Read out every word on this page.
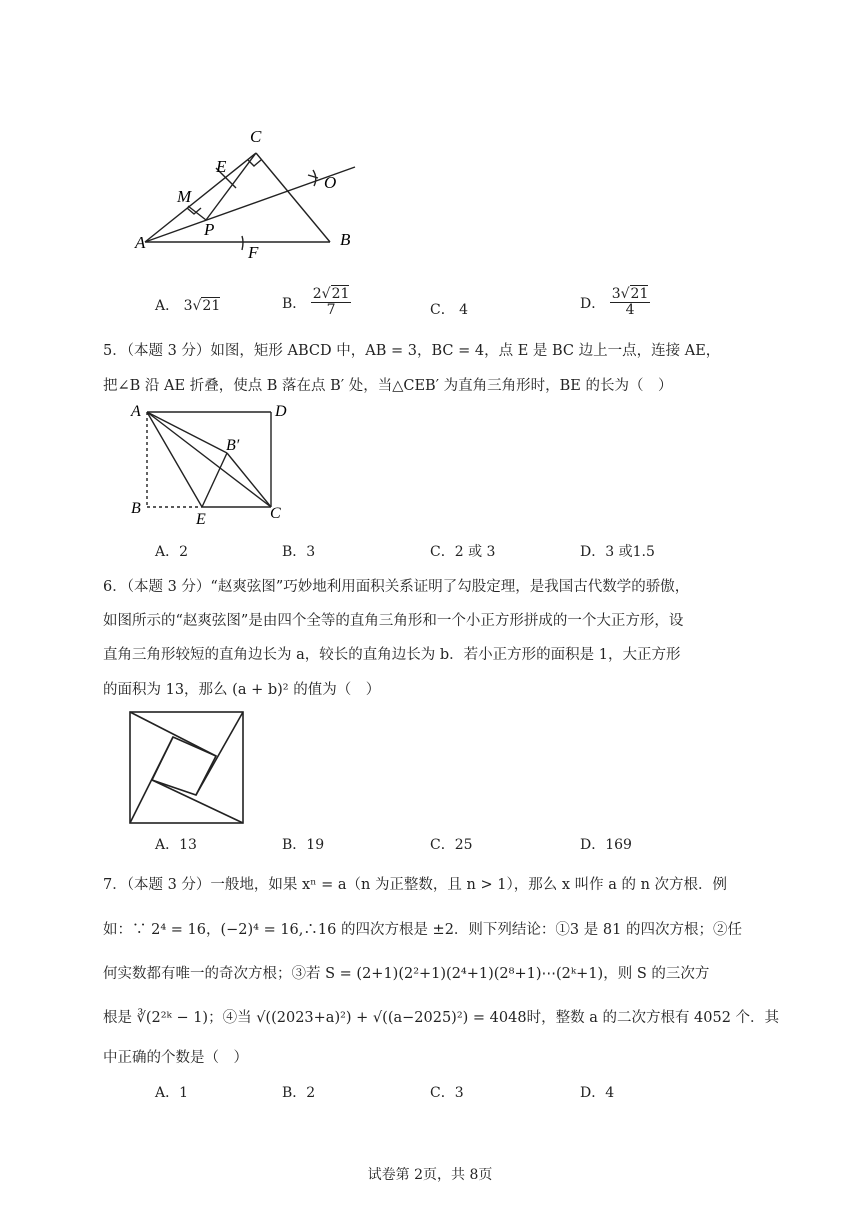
C
E
M
P
A
F
B
O
A． 3√21	B． $\frac{2√21}{7}$	C． 4	D． $\frac{3√21}{4}$
5．（本题 3 分）如图，矩形 ABCD 中，AB = 3，BC = 4，点 E 是 BC 边上一点，连接 AE，
把∠B 沿 AE 折叠，使点 B 落在点 B′ 处，当△CEB′ 为直角三角形时，BE 的长为（　）
A	D
B′
B
E	C
A．2	B．3	C．2 或 3	D．3 或1.5
6．（本题 3 分）“赵爽弦图”巧妙地利用面积关系证明了勾股定理，是我国古代数学的骄傲，
如图所示的“赵爽弦图”是由四个全等的直角三角形和一个小正方形拼成的一个大正方形，设
直角三角形较短的直角边长为 a，较长的直角边长为 b．若小正方形的面积是 1，大正方形
的面积为 13，那么 (a + b)² 的值为（　）
A．13	B．19	C．25	D．169
7．（本题 3 分）一般地，如果 xⁿ = a（n 为正整数，且 n > 1），那么 x 叫作 a 的 n 次方根．例
如：∵ 2⁴ = 16，(−2)⁴ = 16,∴16 的四次方根是 ±2．则下列结论：①3 是 81 的四次方根；②任
何实数都有唯一的奇次方根；③若 S = (2+1)(2²+1)(2⁴+1)(2⁸+1)⋯(2ᵏ+1)，则 S 的三次方
根是 ∛(2²ᵏ − 1)；④当 √((2023+a)²) + √((a−2025)²) = 4048时，整数 a 的二次方根有 4052 个．其
中正确的个数是（　）
A．1	B．2	C．3	D．4
试卷第 2页，共 8页
